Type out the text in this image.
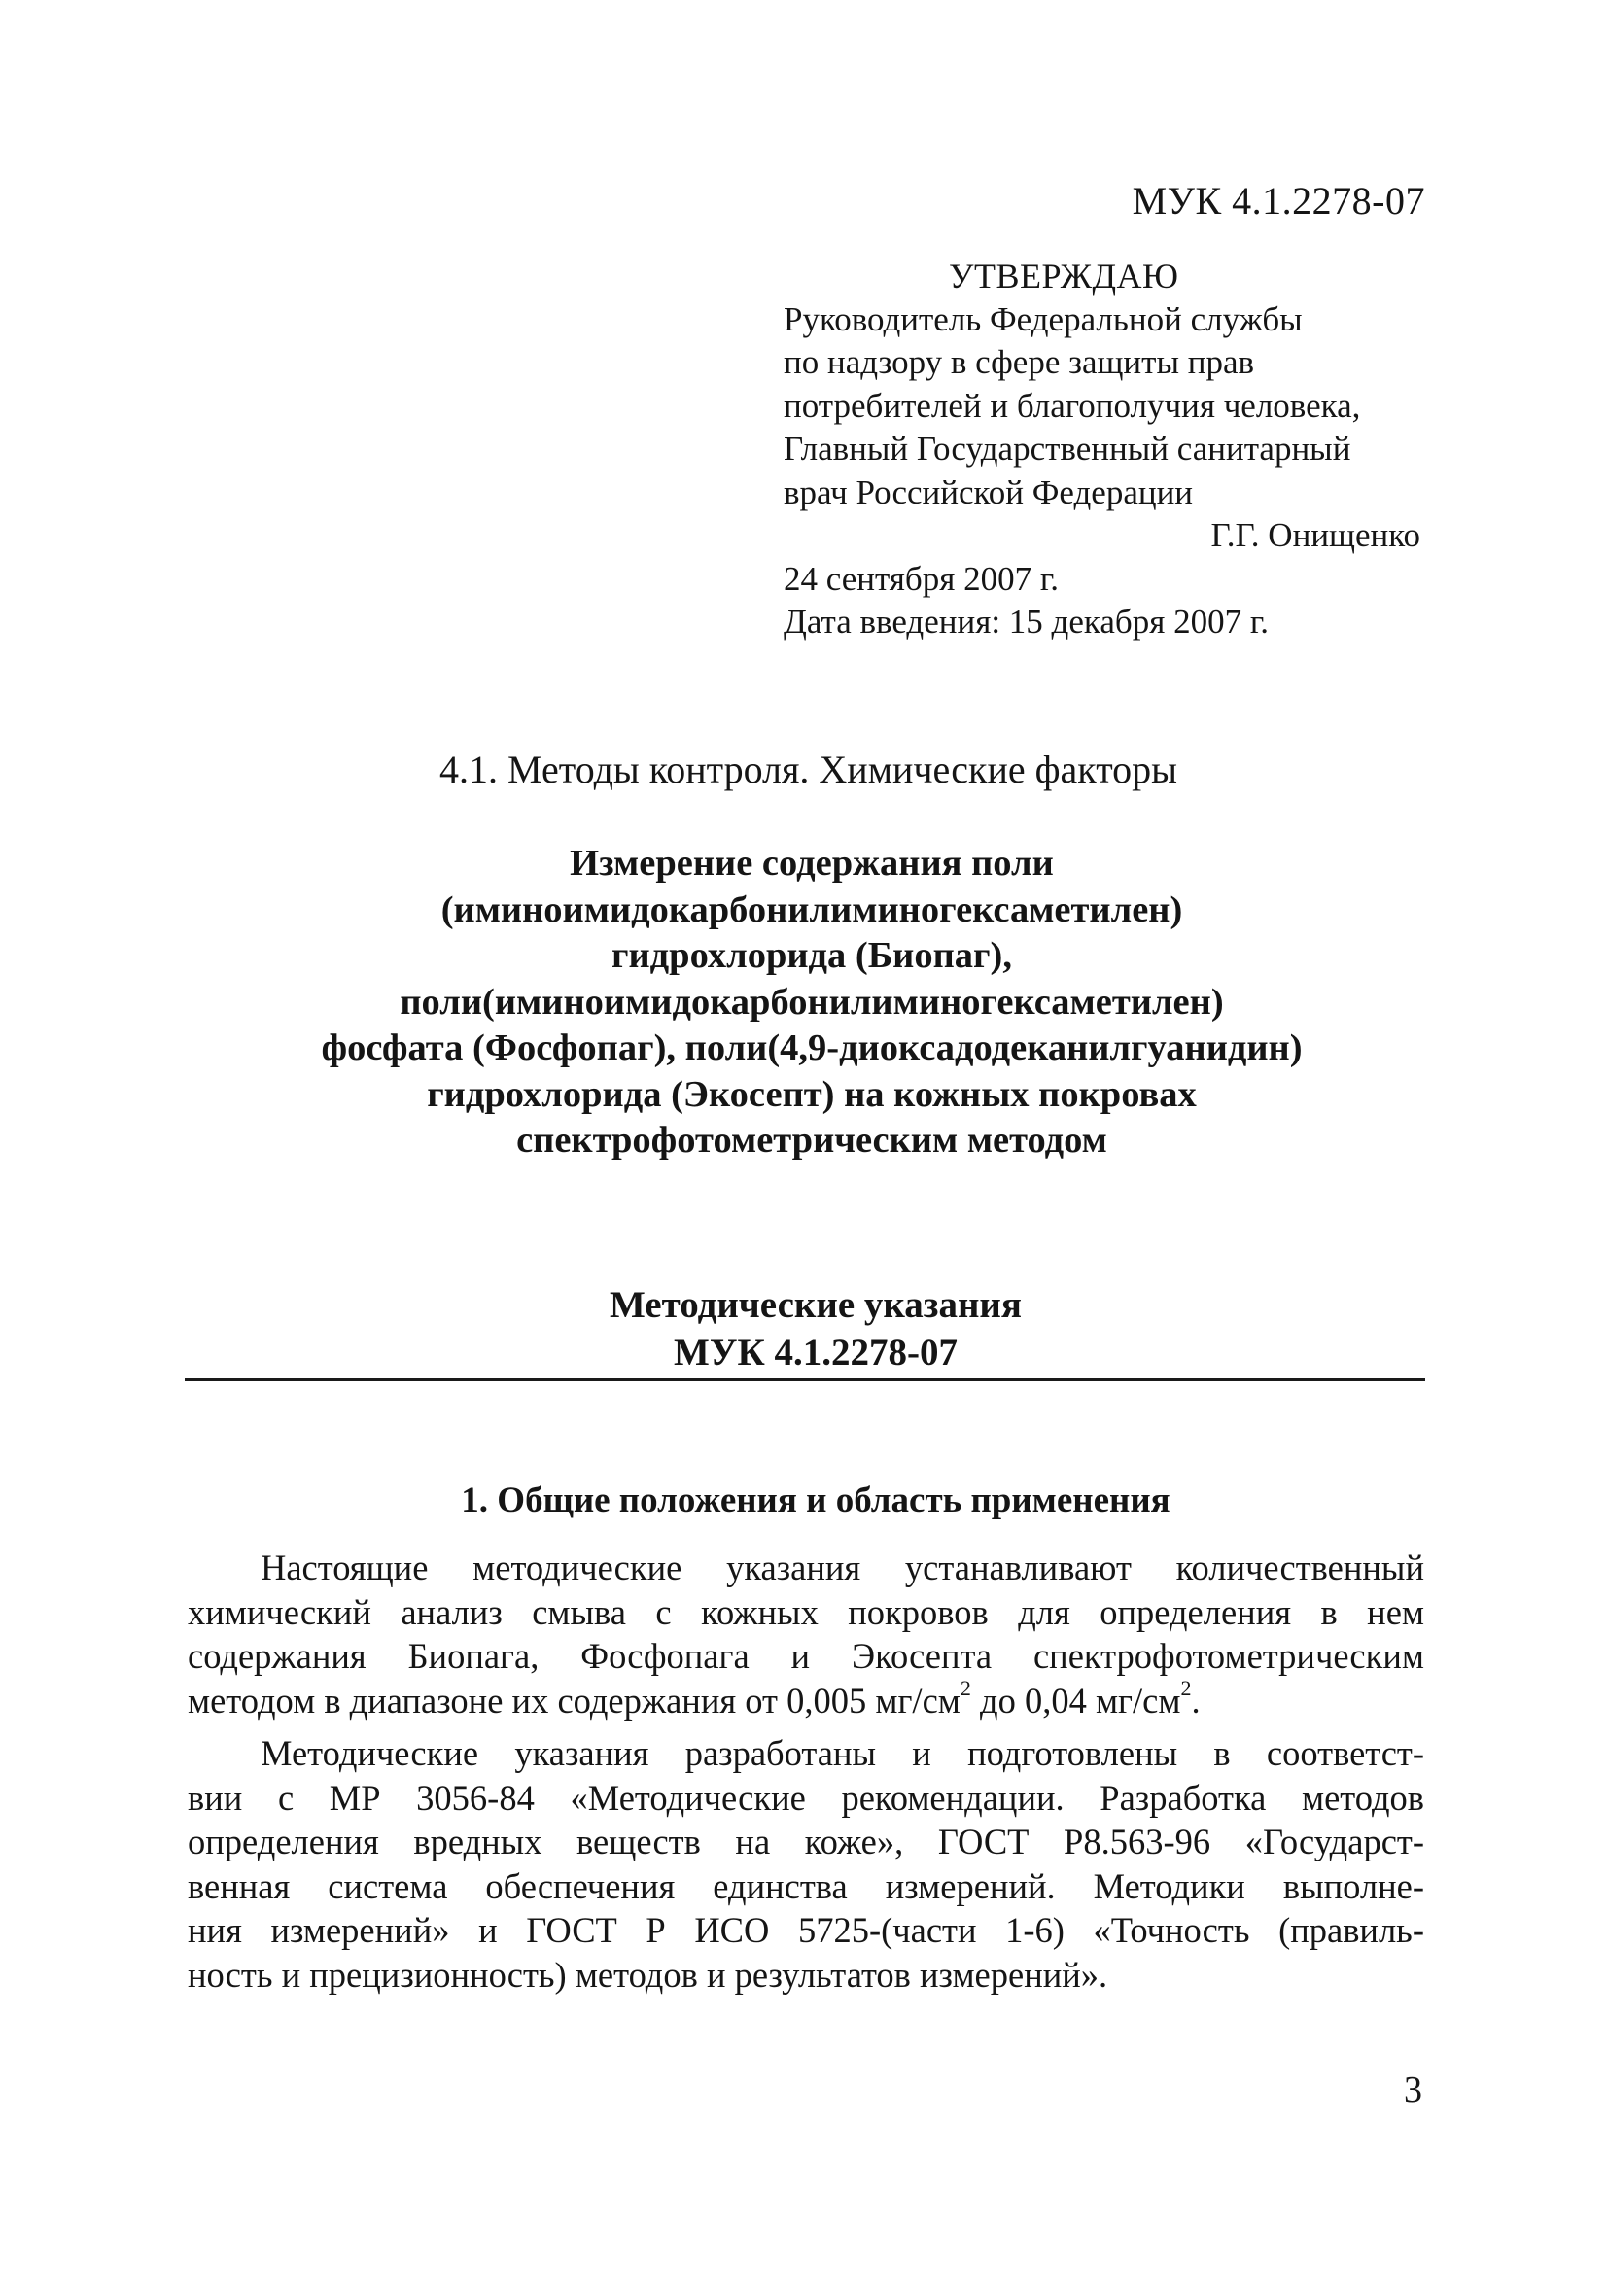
МУК 4.1.2278-07
УТВЕРЖДАЮ
Руководитель Федеральной службы
по надзору в сфере защиты прав
потребителей и благополучия человека,
Главный Государственный санитарный
врач Российской Федерации
Г.Г. Онищенко
24 сентября 2007 г.
Дата введения: 15 декабря 2007 г.
4.1. Методы контроля. Химические факторы
Измерение содержания поли
(иминоимидокарбонилиминогексаметилен)
гидрохлорида (Биопаг),
поли(иминоимидокарбонилиминогексаметилен)
фосфата (Фосфопаг), поли(4,9-диоксадодеканилгуанидин)
гидрохлорида (Экосепт) на кожных покровах
спектрофотометрическим методом
Методические указания
МУК 4.1.2278-07
1. Общие положения и область применения
Настоящие методические указания устанавливают количественный
химический анализ смыва с кожных покровов для определения в нем
содержания Биопага, Фосфопага и Экосепта спектрофотометрическим
методом в диапазоне их содержания от 0,005 $мг/см^2$ до 0,04 $мг/см^2$.
Методические указания разработаны и подготовлены в соответст-
вии с МР 3056-84 «Методические рекомендации. Разработка методов
определения вредных веществ на коже», ГОСТ Р8.563-96 «Государст-
венная система обеспечения единства измерений. Методики выполне-
ния измерений» и ГОСТ Р ИСО 5725-(части 1-6) «Точность (правиль-
ность и прецизионность) методов и результатов измерений».
3
